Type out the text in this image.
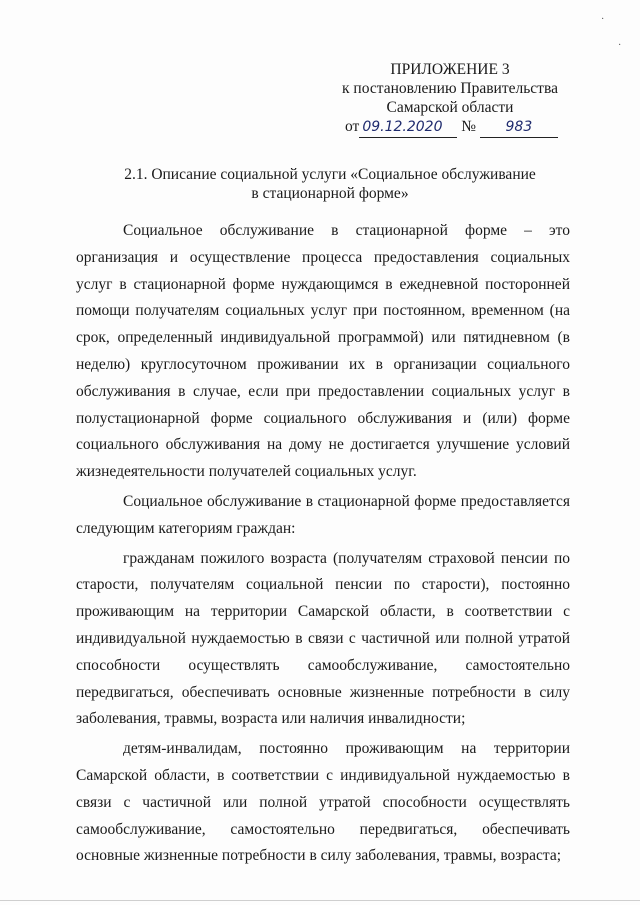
ПРИЛОЖЕНИЕ 3
к постановлению Правительства
Самарской области
от 09.12.2020 № 983
2.1. Описание социальной услуги «Социальное обслуживание
в стационарной форме»

Социальное обслуживание в стационарной форме – это организация и осуществление процесса предоставления социальных услуг в стационарной форме нуждающимся в ежедневной посторонней помощи получателям социальных услуг при постоянном, временном (на срок, определенный индивидуальной программой) или пятидневном (в неделю) круглосуточном проживании их в организации социального обслуживания в случае, если при предоставлении социальных услуг в полустационарной форме социального обслуживания и (или) форме социального обслуживания на дому не достигается улучшение условий жизнедеятельности получателей социальных услуг.

Социальное обслуживание в стационарной форме предоставляется следующим категориям граждан:

гражданам пожилого возраста (получателям страховой пенсии по старости, получателям социальной пенсии по старости), постоянно проживающим на территории Самарской области, в соответствии с индивидуальной нуждаемостью в связи с частичной или полной утратой способности осуществлять самообслуживание, самостоятельно передвигаться, обеспечивать основные жизненные потребности в силу заболевания, травмы, возраста или наличия инвалидности;

детям-инвалидам, постоянно проживающим на территории Самарской области, в соответствии с индивидуальной нуждаемостью в связи с частичной или полной утратой способности осуществлять самообслуживание, самостоятельно передвигаться, обеспечивать основные жизненные потребности в силу заболевания, травмы, возраста;

·
·
